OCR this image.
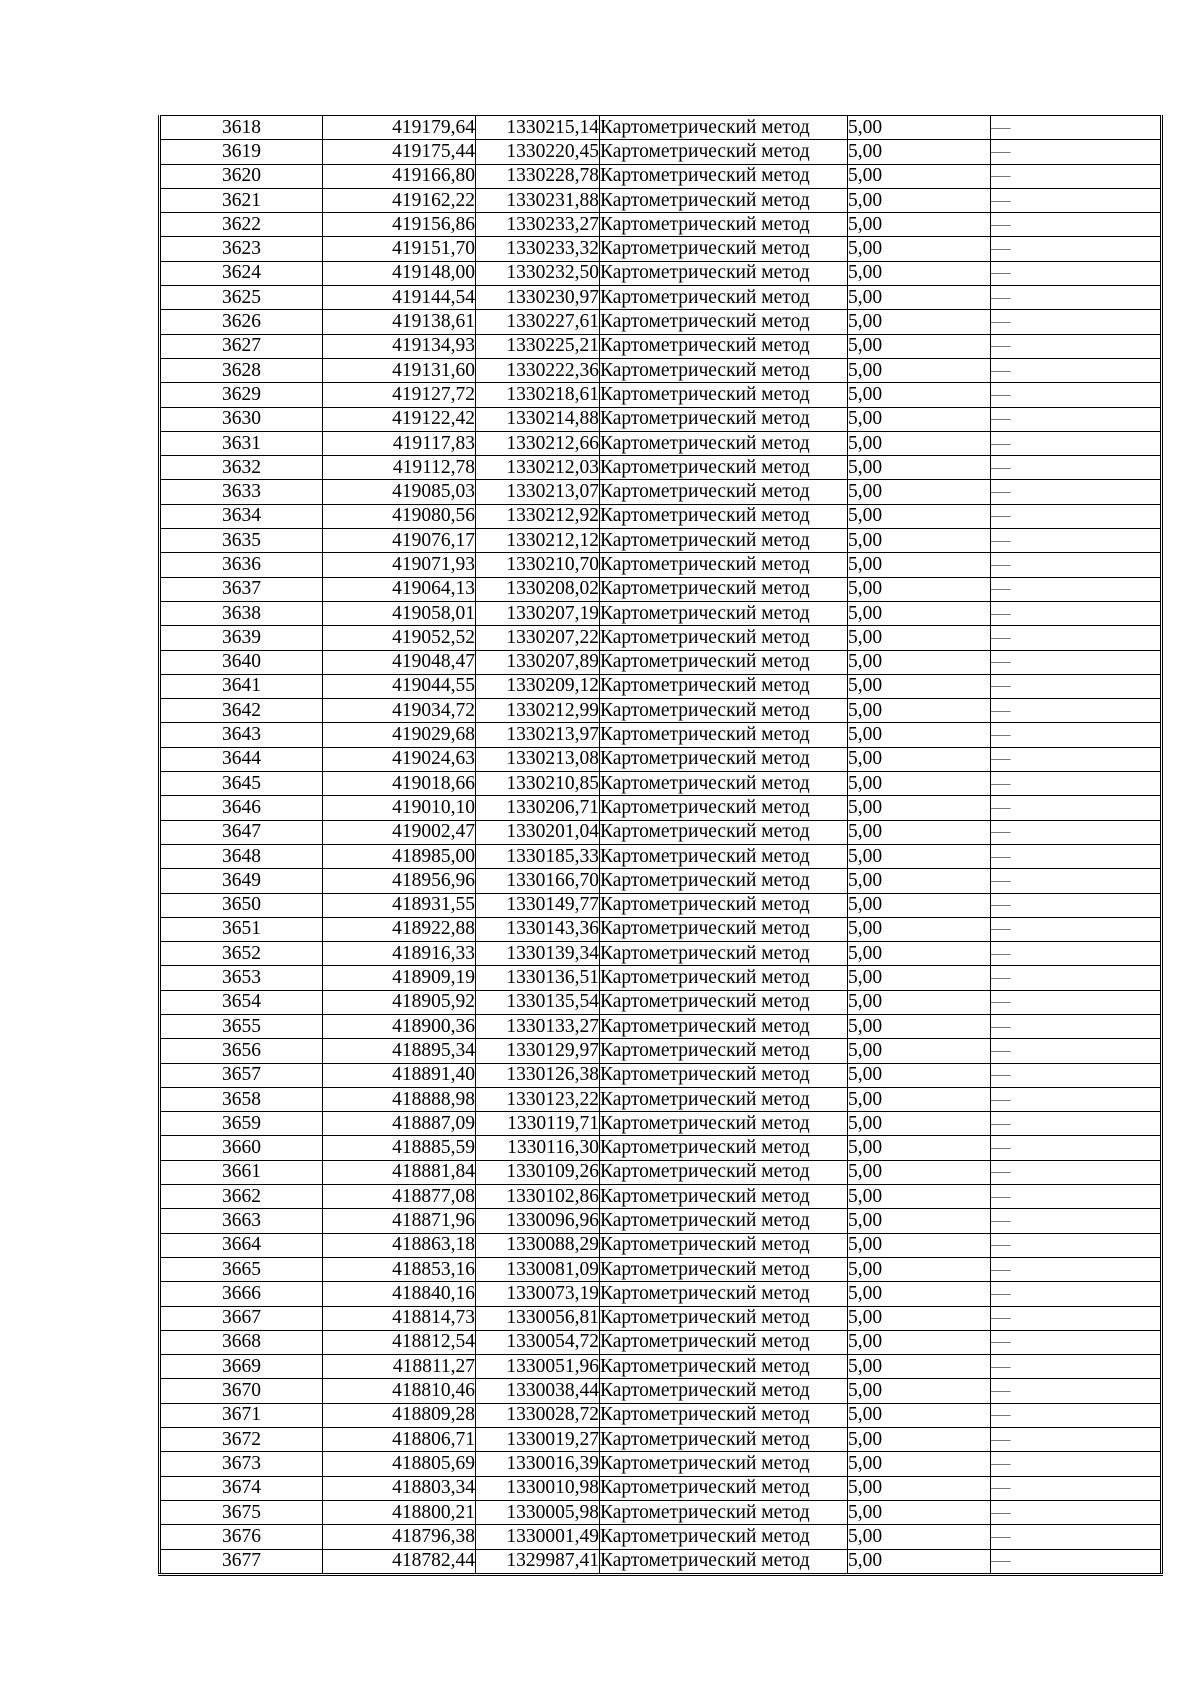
3618	419179,64	1330215,14	Картометрический метод	5,00	—
3619	419175,44	1330220,45	Картометрический метод	5,00	—
3620	419166,80	1330228,78	Картометрический метод	5,00	—
3621	419162,22	1330231,88	Картометрический метод	5,00	—
3622	419156,86	1330233,27	Картометрический метод	5,00	—
3623	419151,70	1330233,32	Картометрический метод	5,00	—
3624	419148,00	1330232,50	Картометрический метод	5,00	—
3625	419144,54	1330230,97	Картометрический метод	5,00	—
3626	419138,61	1330227,61	Картометрический метод	5,00	—
3627	419134,93	1330225,21	Картометрический метод	5,00	—
3628	419131,60	1330222,36	Картометрический метод	5,00	—
3629	419127,72	1330218,61	Картометрический метод	5,00	—
3630	419122,42	1330214,88	Картометрический метод	5,00	—
3631	419117,83	1330212,66	Картометрический метод	5,00	—
3632	419112,78	1330212,03	Картометрический метод	5,00	—
3633	419085,03	1330213,07	Картометрический метод	5,00	—
3634	419080,56	1330212,92	Картометрический метод	5,00	—
3635	419076,17	1330212,12	Картометрический метод	5,00	—
3636	419071,93	1330210,70	Картометрический метод	5,00	—
3637	419064,13	1330208,02	Картометрический метод	5,00	—
3638	419058,01	1330207,19	Картометрический метод	5,00	—
3639	419052,52	1330207,22	Картометрический метод	5,00	—
3640	419048,47	1330207,89	Картометрический метод	5,00	—
3641	419044,55	1330209,12	Картометрический метод	5,00	—
3642	419034,72	1330212,99	Картометрический метод	5,00	—
3643	419029,68	1330213,97	Картометрический метод	5,00	—
3644	419024,63	1330213,08	Картометрический метод	5,00	—
3645	419018,66	1330210,85	Картометрический метод	5,00	—
3646	419010,10	1330206,71	Картометрический метод	5,00	—
3647	419002,47	1330201,04	Картометрический метод	5,00	—
3648	418985,00	1330185,33	Картометрический метод	5,00	—
3649	418956,96	1330166,70	Картометрический метод	5,00	—
3650	418931,55	1330149,77	Картометрический метод	5,00	—
3651	418922,88	1330143,36	Картометрический метод	5,00	—
3652	418916,33	1330139,34	Картометрический метод	5,00	—
3653	418909,19	1330136,51	Картометрический метод	5,00	—
3654	418905,92	1330135,54	Картометрический метод	5,00	—
3655	418900,36	1330133,27	Картометрический метод	5,00	—
3656	418895,34	1330129,97	Картометрический метод	5,00	—
3657	418891,40	1330126,38	Картометрический метод	5,00	—
3658	418888,98	1330123,22	Картометрический метод	5,00	—
3659	418887,09	1330119,71	Картометрический метод	5,00	—
3660	418885,59	1330116,30	Картометрический метод	5,00	—
3661	418881,84	1330109,26	Картометрический метод	5,00	—
3662	418877,08	1330102,86	Картометрический метод	5,00	—
3663	418871,96	1330096,96	Картометрический метод	5,00	—
3664	418863,18	1330088,29	Картометрический метод	5,00	—
3665	418853,16	1330081,09	Картометрический метод	5,00	—
3666	418840,16	1330073,19	Картометрический метод	5,00	—
3667	418814,73	1330056,81	Картометрический метод	5,00	—
3668	418812,54	1330054,72	Картометрический метод	5,00	—
3669	418811,27	1330051,96	Картометрический метод	5,00	—
3670	418810,46	1330038,44	Картометрический метод	5,00	—
3671	418809,28	1330028,72	Картометрический метод	5,00	—
3672	418806,71	1330019,27	Картометрический метод	5,00	—
3673	418805,69	1330016,39	Картометрический метод	5,00	—
3674	418803,34	1330010,98	Картометрический метод	5,00	—
3675	418800,21	1330005,98	Картометрический метод	5,00	—
3676	418796,38	1330001,49	Картометрический метод	5,00	—
3677	418782,44	1329987,41	Картометрический метод	5,00	—
